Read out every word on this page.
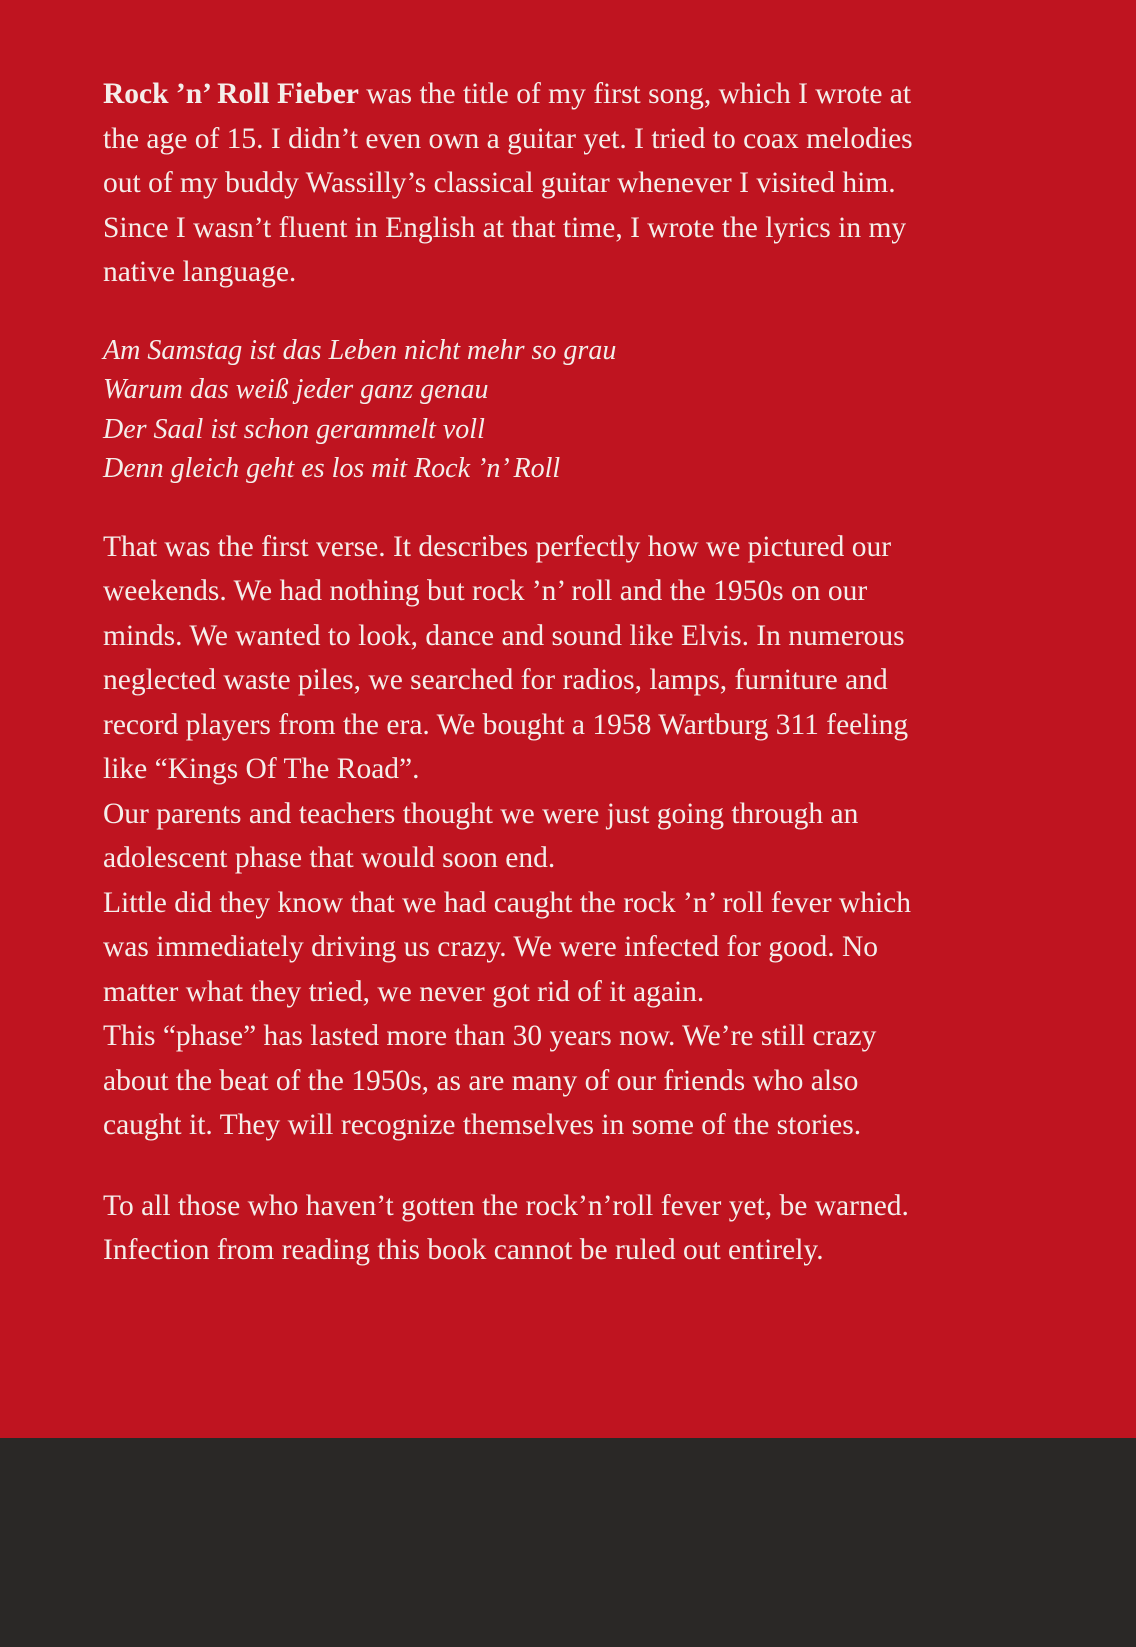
Rock ’n’ Roll Fieber was the title of my first song, which I wrote at
the age of 15. I didn’t even own a guitar yet. I tried to coax melodies
out of my buddy Wassilly’s classical guitar whenever I visited him.
Since I wasn’t fluent in English at that time, I wrote the lyrics in my
native language.
Am Samstag ist das Leben nicht mehr so grau
Warum das weiß jeder ganz genau
Der Saal ist schon gerammelt voll
Denn gleich geht es los mit Rock ’n’ Roll
That was the first verse. It describes perfectly how we pictured our
weekends. We had nothing but rock ’n’ roll and the 1950s on our
minds. We wanted to look, dance and sound like Elvis. In numerous
neglected waste piles, we searched for radios, lamps, furniture and
record players from the era. We bought a 1958 Wartburg 311 feeling
like “Kings Of The Road”.
Our parents and teachers thought we were just going through an
adolescent phase that would soon end.
Little did they know that we had caught the rock ’n’ roll fever which
was immediately driving us crazy. We were infected for good. No
matter what they tried, we never got rid of it again.
This “phase” has lasted more than 30 years now. We’re still crazy
about the beat of the 1950s, as are many of our friends who also
caught it. They will recognize themselves in some of the stories.
To all those who haven’t gotten the rock’n’roll fever yet, be warned.
Infection from reading this book cannot be ruled out entirely.
